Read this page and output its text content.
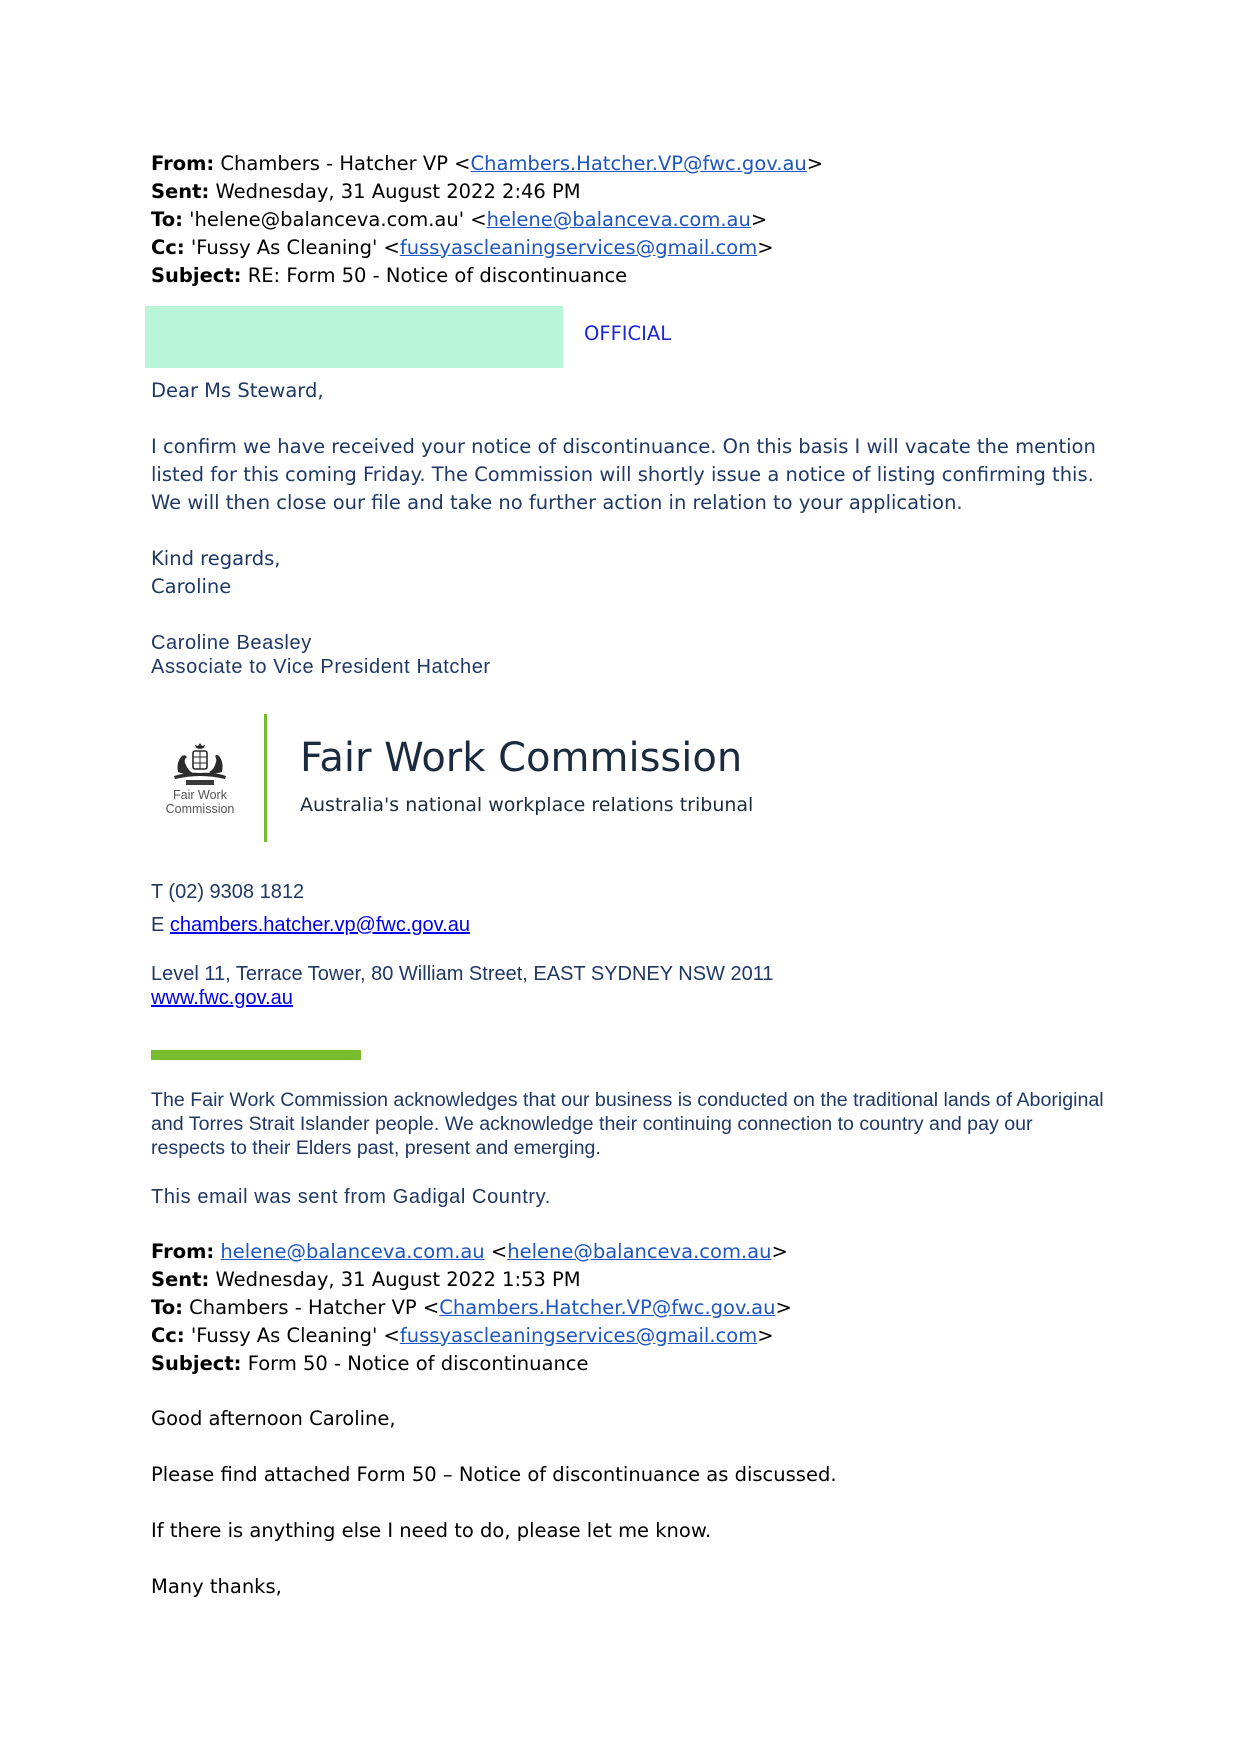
From: Chambers - Hatcher VP <Chambers.Hatcher.VP@fwc.gov.au>
Sent: Wednesday, 31 August 2022 2:46 PM
To: 'helene@balanceva.com.au' <helene@balanceva.com.au>
Cc: 'Fussy As Cleaning' <fussyascleaningservices@gmail.com>
Subject: RE: Form 50 - Notice of discontinuance
OFFICIAL
Dear Ms Steward,
I confirm we have received your notice of discontinuance. On this basis I will vacate the mention listed for this coming Friday. The Commission will shortly issue a notice of listing confirming this. We will then close our file and take no further action in relation to your application.
Kind regards,
Caroline
Caroline Beasley
Associate to Vice President Hatcher
Fair Work
Commission
Fair Work Commission
Australia's national workplace relations tribunal
T (02) 9308 1812
E chambers.hatcher.vp@fwc.gov.au
Level 11, Terrace Tower, 80 William Street, EAST SYDNEY NSW 2011
www.fwc.gov.au
The Fair Work Commission acknowledges that our business is conducted on the traditional lands of Aboriginal and Torres Strait Islander people. We acknowledge their continuing connection to country and pay our respects to their Elders past, present and emerging.
This email was sent from Gadigal Country.
From: helene@balanceva.com.au <helene@balanceva.com.au>
Sent: Wednesday, 31 August 2022 1:53 PM
To: Chambers - Hatcher VP <Chambers.Hatcher.VP@fwc.gov.au>
Cc: 'Fussy As Cleaning' <fussyascleaningservices@gmail.com>
Subject: Form 50 - Notice of discontinuance
Good afternoon Caroline,
Please find attached Form 50 – Notice of discontinuance as discussed.
If there is anything else I need to do, please let me know.
Many thanks,
